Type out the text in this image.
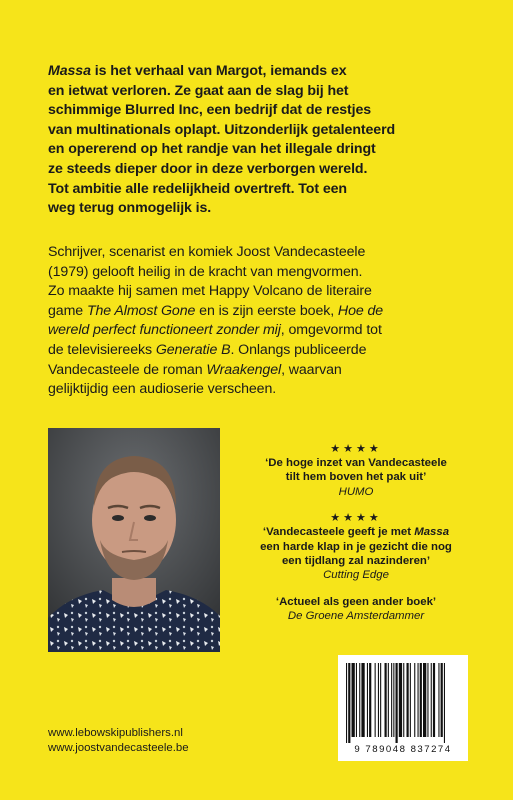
Massa is het verhaal van Margot, iemands ex
en ietwat verloren. Ze gaat aan de slag bij het
schimmige Blurred Inc, een bedrijf dat de restjes
van multinationals oplapt. Uitzonderlijk getalenteerd
en opererend op het randje van het illegale dringt
ze steeds dieper door in deze verborgen wereld.
Tot ambitie alle redelijkheid overtreft. Tot een
weg terug onmogelijk is.
Schrijver, scenarist en komiek Joost Vandecasteele
(1979) gelooft heilig in de kracht van mengvormen.
Zo maakte hij samen met Happy Volcano de literaire
game The Almost Gone en is zijn eerste boek, Hoe de
wereld perfect functioneert zonder mij, omgevormd tot
de televisiereeks Generatie B. Onlangs publiceerde
Vandecasteele de roman Wraakengel, waarvan
gelijktijdig een audioserie verscheen.
★★★★
‘De hoge inzet van Vandecasteele
tilt hem boven het pak uit’
HUMO
★★★★
‘Vandecasteele geeft je met Massa
een harde klap in je gezicht die nog
een tijdlang zal nazinderen’
Cutting Edge
‘Actueel als geen ander boek’
De Groene Amsterdammer
9 789048 837274
www.lebowskipublishers.nl
www.joostvandecasteele.be
